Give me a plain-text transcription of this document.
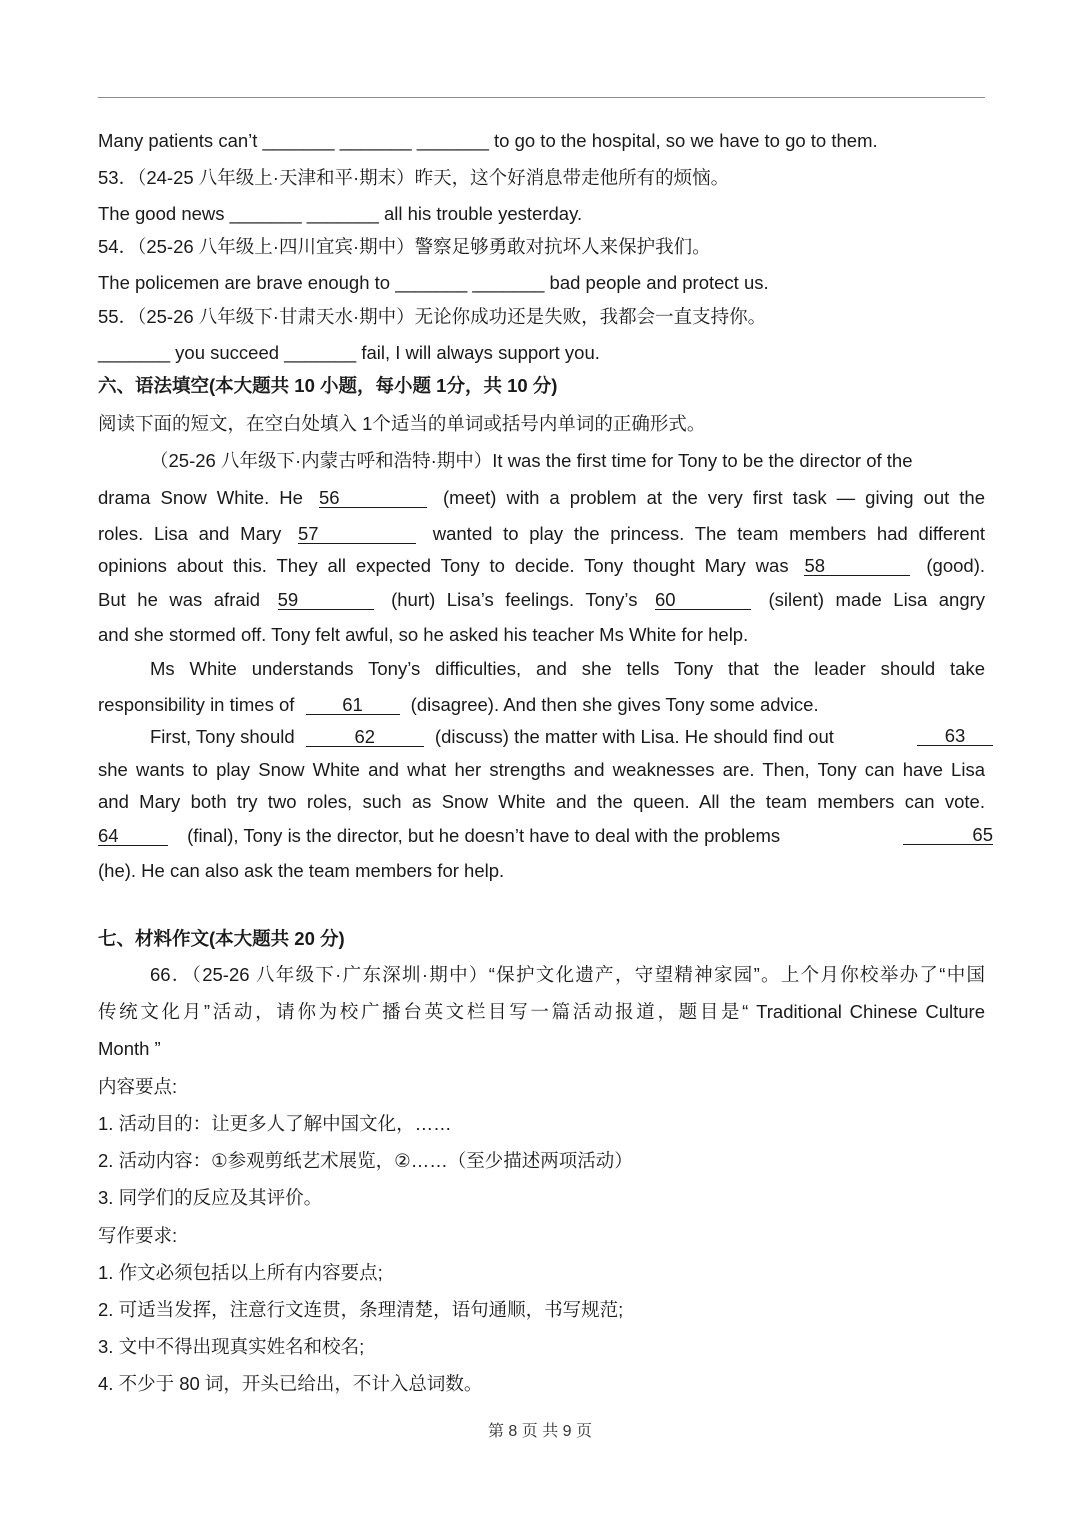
Many patients can’t _______ _______ _______ to go to the hospital, so we have to go to them.
53．（24-25 八年级上·天津和平·期末）昨天，这个好消息带走他所有的烦恼。
The good news _______ _______ all his trouble yesterday.
54．（25-26 八年级上·四川宜宾·期中）警察足够勇敢对抗坏人来保护我们。
The policemen are brave enough to _______ _______ bad people and protect us.
55．（25-26 八年级下·甘肃天水·期中）无论你成功还是失败，我都会一直支持你。
_______ you succeed _______ fail, I will always support you.
六、语法填空(本大题共 10 小题，每小题 1分，共 10 分)
阅读下面的短文，在空白处填入 1个适当的单词或括号内单词的正确形式。
（25-26 八年级下·内蒙古呼和浩特·期中）It was the first time for Tony to be the director of the
drama Snow White. He 56	(meet) with a problem at the very first task — giving out the
roles. Lisa and Mary 57	wanted to play the princess. The team members had different
opinions about this. They all expected Tony to decide. Tony thought Mary was 58	(good).
But he was afraid 59	(hurt) Lisa’s feelings. Tony’s 60	(silent) made Lisa angry
and she stormed off. Tony felt awful, so he asked his teacher Ms White for help.
Ms White understands Tony’s difficulties, and she tells Tony that the leader should take
responsibility in times of	61	(disagree). And then she gives Tony some advice.
First, Tony should	62	(discuss) the matter with Lisa. He should find out	63
she wants to play Snow White and what her strengths and weaknesses are. Then, Tony can have Lisa
and Mary both try two roles, such as Snow White and the queen. All the team members can vote.
64	(final), Tony is the director, but he doesn’t have to deal with the problems	65
(he). He can also ask the team members for help.
七、材料作文(本大题共 20 分)
66．（25-26 八年级下·广东深圳·期中）“保护文化遗产，守望精神家园”。上个月你校举办了“中国
传统文化月”活动，请你为校广播台英文栏目写一篇活动报道，题目是“ Traditional Chinese Culture
Month ”
内容要点:
1. 活动目的：让更多人了解中国文化，……
2. 活动内容：①参观剪纸艺术展览，②……（至少描述两项活动）
3. 同学们的反应及其评价。
写作要求:
1. 作文必须包括以上所有内容要点;
2. 可适当发挥，注意行文连贯，条理清楚，语句通顺，书写规范;
3. 文中不得出现真实姓名和校名;
4. 不少于 80 词，开头已给出，不计入总词数。
第 8 页 共 9 页
